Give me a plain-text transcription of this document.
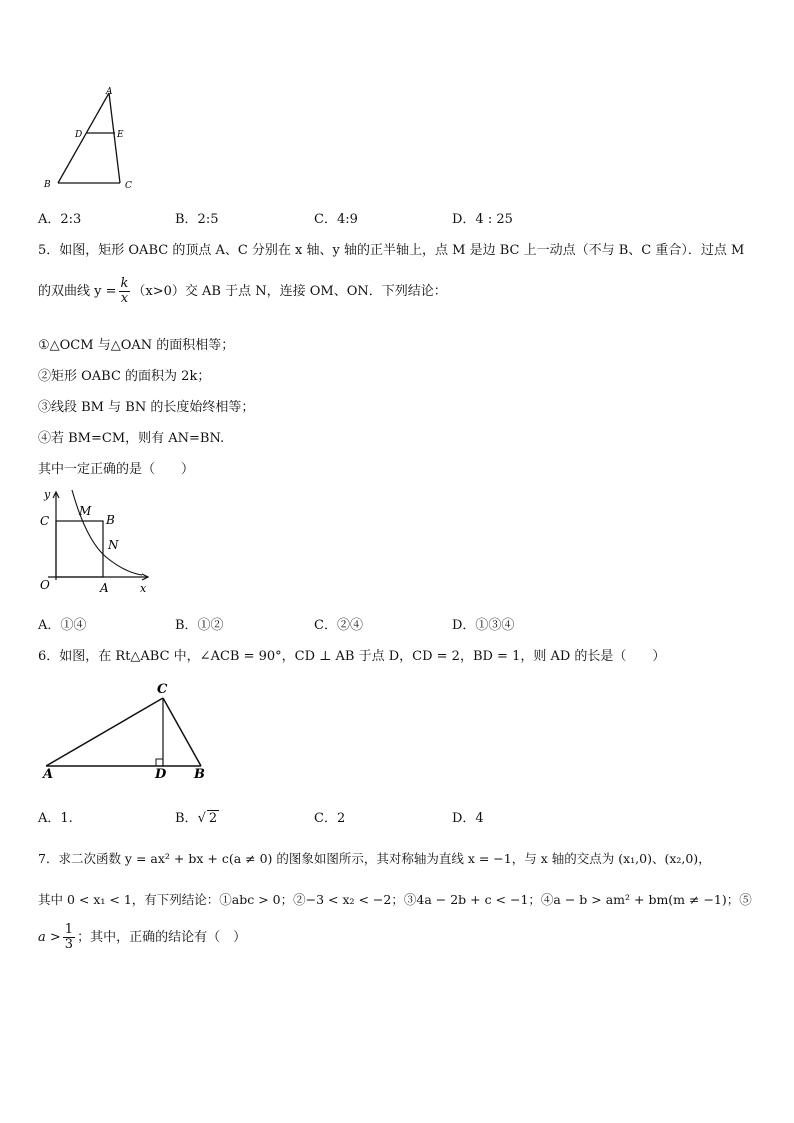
A
D	E
B	C
A．2:3	B．2:5	C．4:9	D．4 : 25
5．如图，矩形 OABC 的顶点 A、C 分别在 x 轴、y 轴的正半轴上，点 M 是边 BC 上一动点（不与 B、C 重合）．过点 M
的双曲线 $y = \frac{k}{x} (x>0)$交 AB 于点 N，连接 OM、ON．下列结论：
①△OCM 与△OAN 的面积相等；
②矩形 OABC 的面积为 2k；
③线段 BM 与 BN 的长度始终相等；
④若 BM=CM，则有 AN=BN.
其中一定正确的是（　　）
y
C
M
B
N
O	A	x
A．①④	B．①②	C．②④	D．①③④
6．如图，在 Rt△ABC 中，∠ACB = 90°，CD ⊥ AB 于点 D，CD = 2，BD = 1，则 AD 的长是（　　）
C
A	D B
A．1.	B．√ 2	C．2	D．4
7．求二次函数 y = ax² + bx + c(a ≠ 0) 的图象如图所示，其对称轴为直线 x = −1，与 x 轴的交点为 (x₁,0)、(x₂,0)，
其中 0 < x₁ < 1，有下列结论：①abc > 0；②−3 < x₂ < −2；③4a − 2b + c < −1；④a − b > am² + bm(m ≠ −1)；⑤
$a > \frac{1}{3}$ ；其中，正确的结论有（　）
